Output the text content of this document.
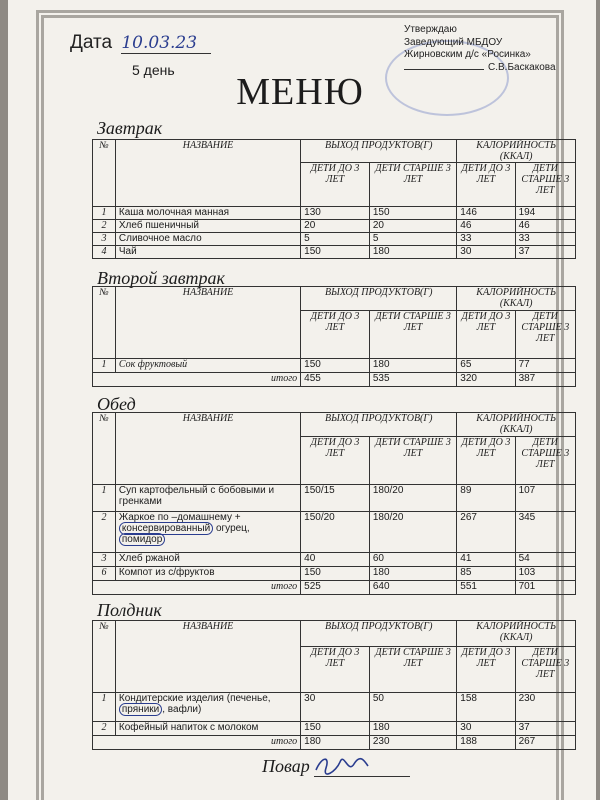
Дата 10.03.23
5 день
МЕНЮ
Утверждаю
Заведующий МБДОУ
Жирновским д/с «Росинка»
С.В.Баскакова
Завтрак
№	НАЗВАНИЕ	ВЫХОД ПРОДУКТОВ(Г)		КАЛОРИЙНОСТЬ (ККАЛ)	
		ДЕТИ ДО 3 ЛЕТ	ДЕТИ СТАРШЕ 3 ЛЕТ	ДЕТИ ДО 3 ЛЕТ	ДЕТИ СТАРШЕ 3 ЛЕТ
1	Каша молочная манная	130	150	146	194
2	Хлеб пшеничный	20	20	46	46
3	Сливочное масло	5	5	33	33
4	Чай	150	180	30	37
Второй завтрак
№	НАЗВАНИЕ	ВЫХОД ПРОДУКТОВ(Г)		КАЛОРИЙНОСТЬ (ККАЛ)	
		ДЕТИ ДО 3 ЛЕТ	ДЕТИ СТАРШЕ 3 ЛЕТ	ДЕТИ ДО 3 ЛЕТ	ДЕТИ СТАРШЕ 3 ЛЕТ
1	Сок фруктовый	150	180	65	77
итого		455	535	320	387
Обед
№	НАЗВАНИЕ	ВЫХОД ПРОДУКТОВ(Г)		КАЛОРИЙНОСТЬ (ККАЛ)	
		ДЕТИ ДО 3 ЛЕТ	ДЕТИ СТАРШЕ 3 ЛЕТ	ДЕТИ ДО 3 ЛЕТ	ДЕТИ СТАРШЕ 3 ЛЕТ
1	Суп картофельный с бобовыми и гренками	150/15	180/20	89	107
2	Жаркое по –домашнему +
консервированный огурец,
помидор	150/20	180/20	267	345
3	Хлеб ржаной	40	60	41	54
6	Компот из с/фруктов	150	180	85	103
итого		525	640	551	701
Полдник
№	НАЗВАНИЕ	ВЫХОД ПРОДУКТОВ(Г)		КАЛОРИЙНОСТЬ (ККАЛ)	
		ДЕТИ ДО 3 ЛЕТ	ДЕТИ СТАРШЕ 3 ЛЕТ	ДЕТИ ДО 3 ЛЕТ	ДЕТИ СТАРШЕ 3 ЛЕТ
1	Кондитерские изделия (печенье,
пряники , вафли)	30	50	158	230
2	Кофейный напиток с молоком	150	180	30	37
итого		180	230	188	267
Повар
